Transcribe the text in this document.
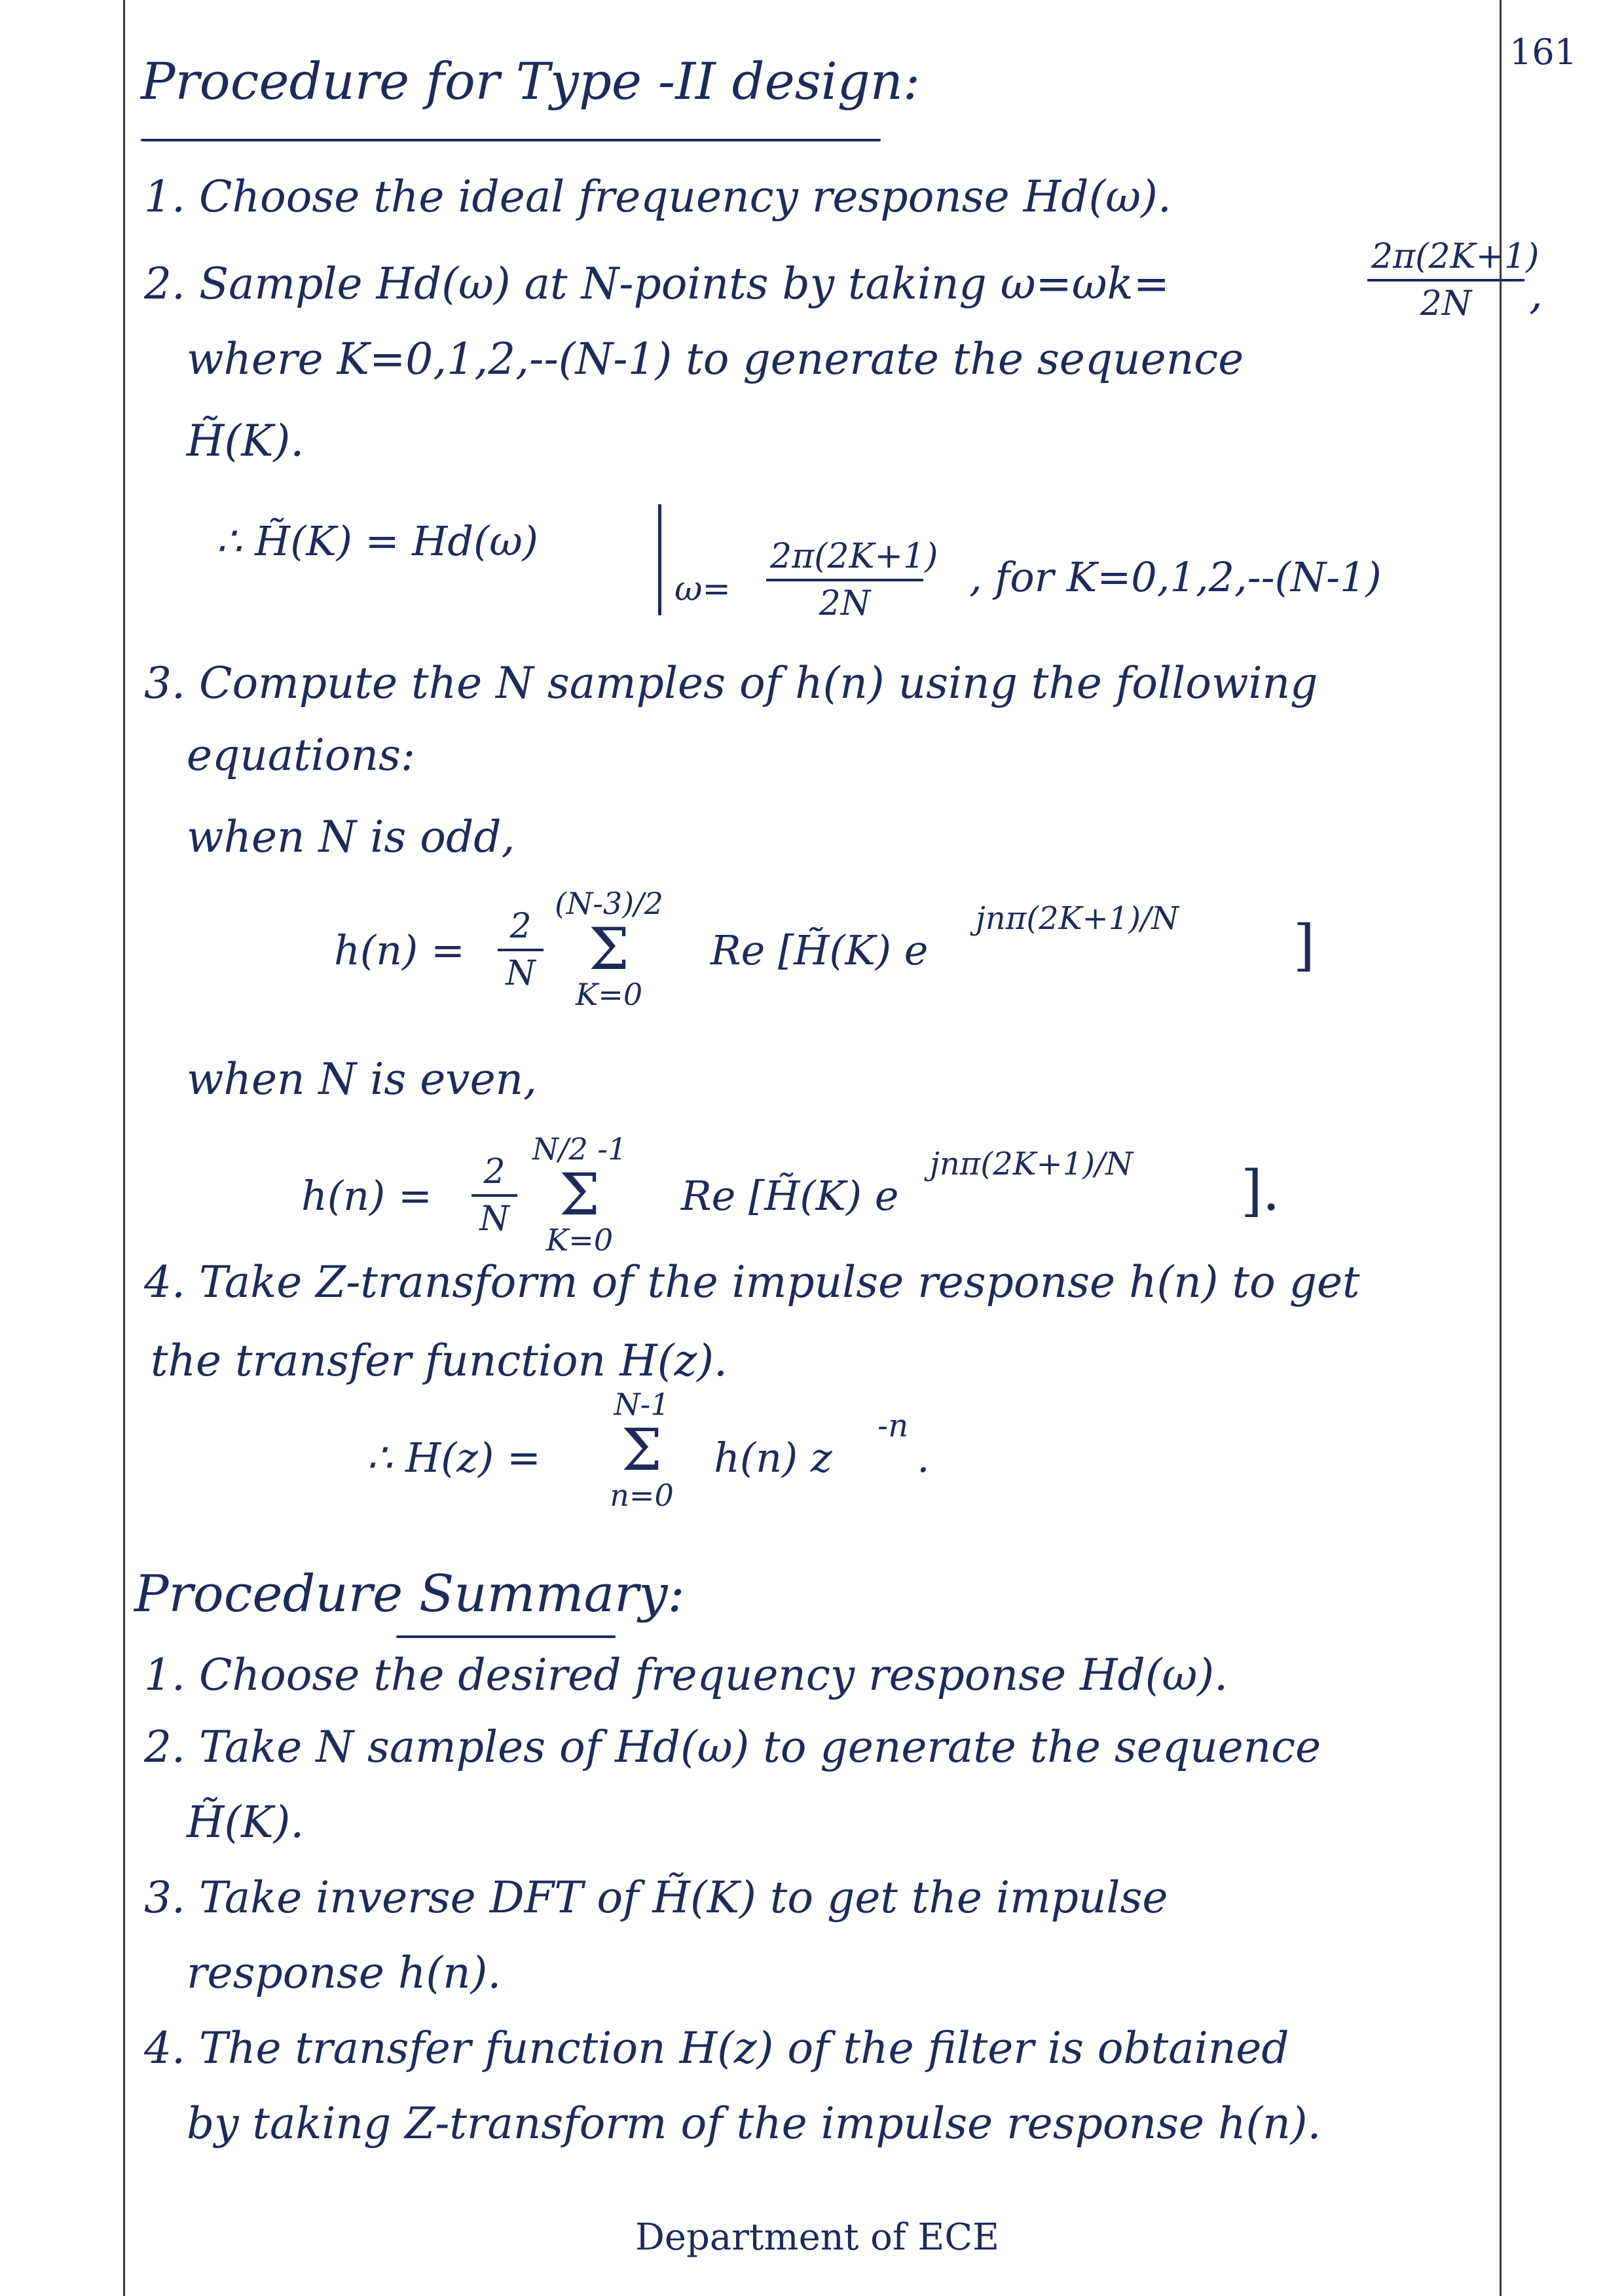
161
Procedure for Type -II design:
1. Choose the ideal frequency response Hd(ω).
2. Sample Hd(ω) at N-points by taking ω=ωk=
2π(2K+1)
2N	,
where K=0,1,2,--(N-1) to generate the sequence
H̃(K).
∴ H̃(K) = Hd(ω)
ω=
2π(2K+1)
2N
, for K=0,1,2,--(N-1)
3. Compute the N samples of h(n) using the following
equations:
when N is odd,
h(n) =	2
N
(N-3)/2
Σ
K=0
Re [H̃(K) e
jnπ(2K+1)/N ]
when N is even,
h(n) =	2
N
N/2 -1
Σ
K=0
Re [H̃(K) e
jnπ(2K+1)/N ].
4. Take Z-transform of the impulse response h(n) to get
the transfer function H(z).
∴ H(z) =
N-1
Σ
n=0
h(n) z
-n
.
Procedure Summary:
1. Choose the desired frequency response Hd(ω).
2. Take N samples of Hd(ω) to generate the sequence
H̃(K).
3. Take inverse DFT of H̃(K) to get the impulse
response h(n).
4. The transfer function H(z) of the filter is obtained
by taking Z-transform of the impulse response h(n).
Department of ECE
